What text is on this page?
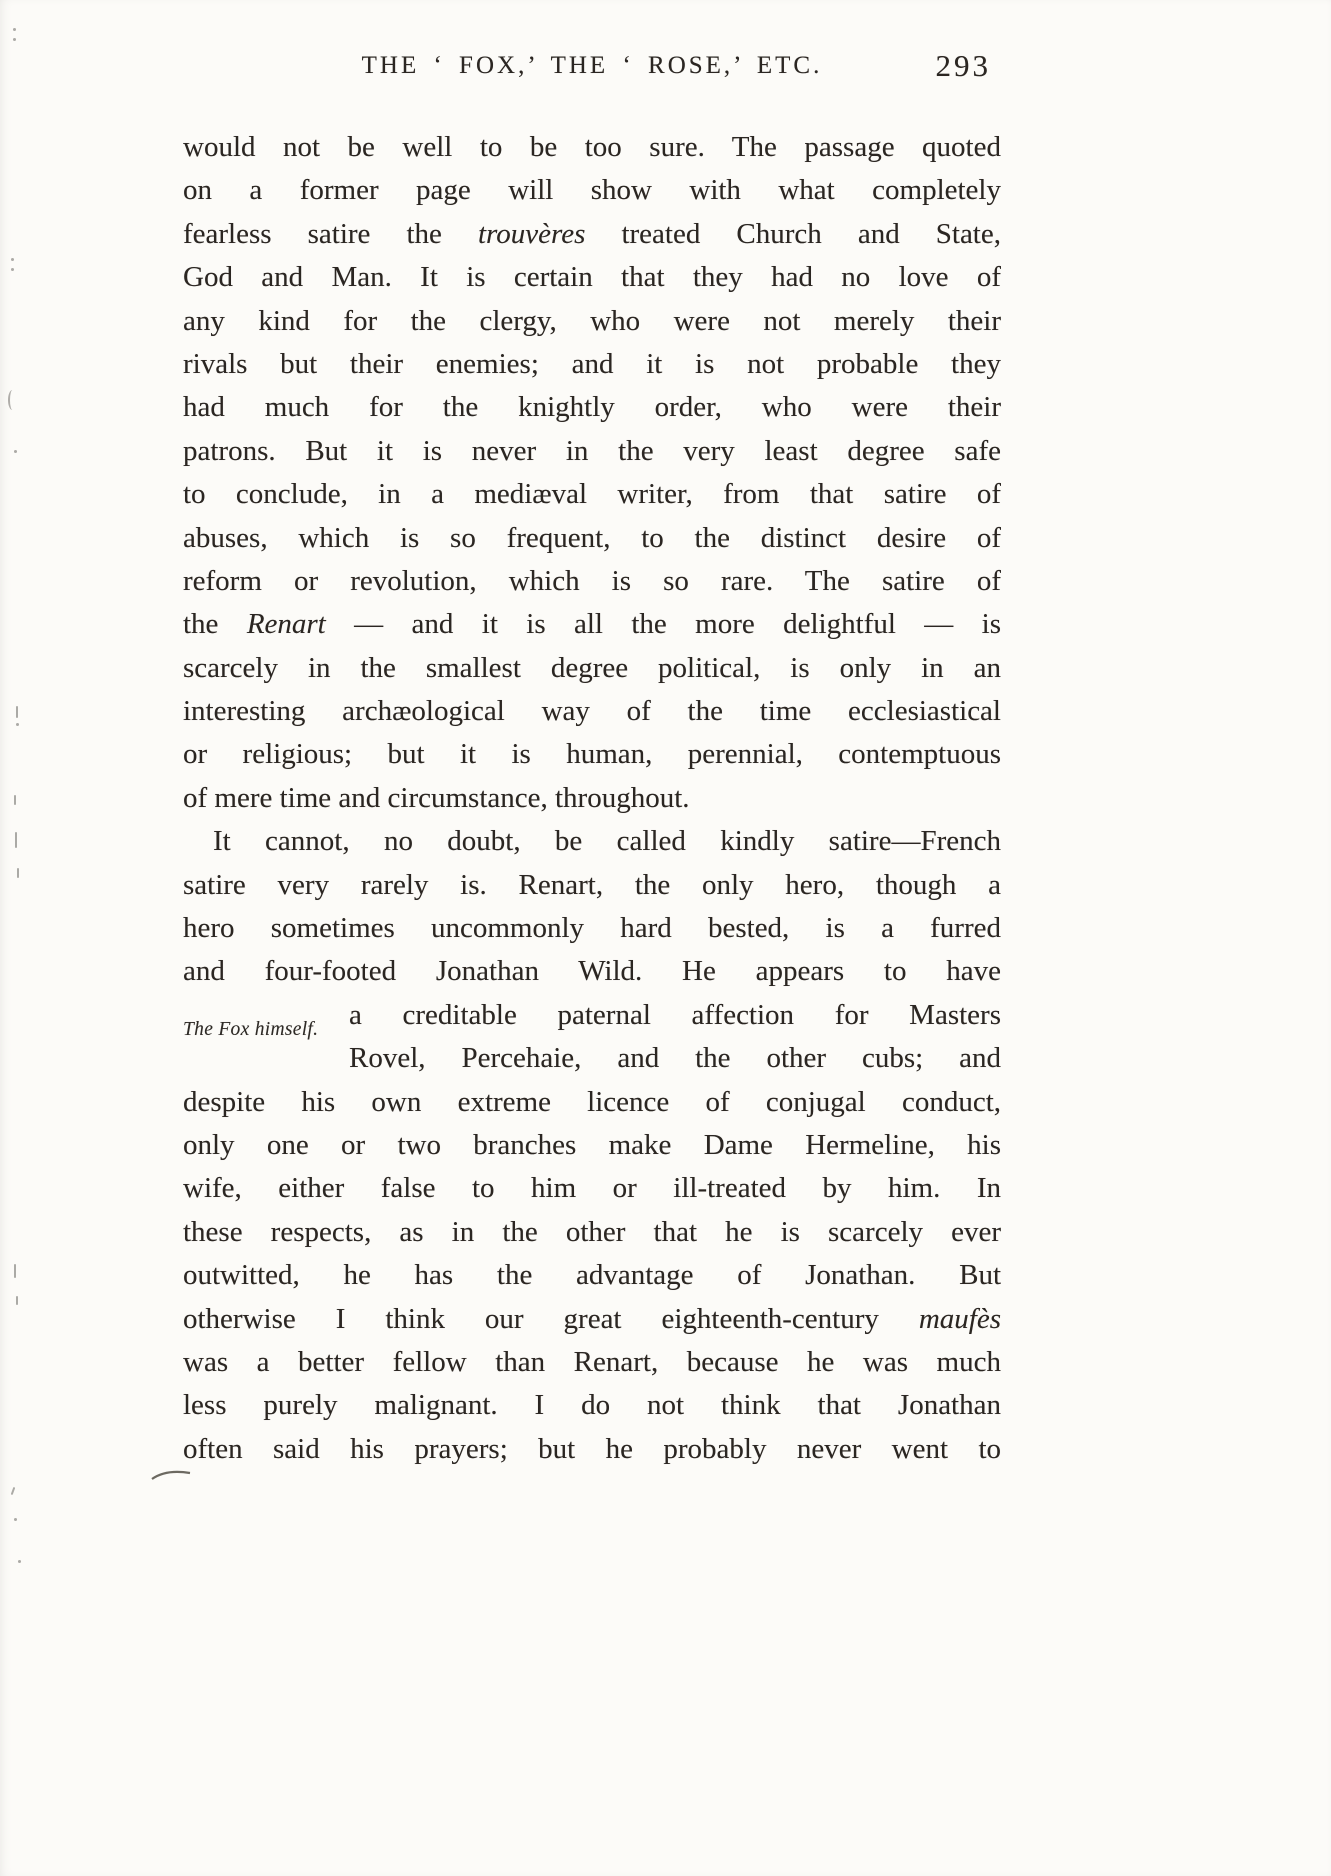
THE ‘ FOX,’ THE ‘ ROSE,’ ETC.	293
The Fox himself.
would not be well to be too sure. The passage quoted
on a former page will show with what completely
fearless satire the trouvères treated Church and State,
God and Man. It is certain that they had no love of
any kind for the clergy, who were not merely their
rivals but their enemies; and it is not probable they
had much for the knightly order, who were their
patrons. But it is never in the very least degree safe
to conclude, in a mediæval writer, from that satire of
abuses, which is so frequent, to the distinct desire of
reform or revolution, which is so rare. The satire of
the Renart — and it is all the more delightful — is
scarcely in the smallest degree political, is only in an
interesting archæological way of the time ecclesiastical
or religious; but it is human, perennial, contemptuous
of mere time and circumstance, throughout.
It cannot, no doubt, be called kindly satire—French
satire very rarely is. Renart, the only hero, though a
hero sometimes uncommonly hard bested, is a furred
and four-footed Jonathan Wild. He appears to have
a creditable paternal affection for Masters
Rovel, Percehaie, and the other cubs; and
despite his own extreme licence of conjugal conduct,
only one or two branches make Dame Hermeline, his
wife, either false to him or ill-treated by him. In
these respects, as in the other that he is scarcely ever
outwitted, he has the advantage of Jonathan. But
otherwise I think our great eighteenth-century maufès
was a better fellow than Renart, because he was much
less purely malignant. I do not think that Jonathan
often said his prayers; but he probably never went to
